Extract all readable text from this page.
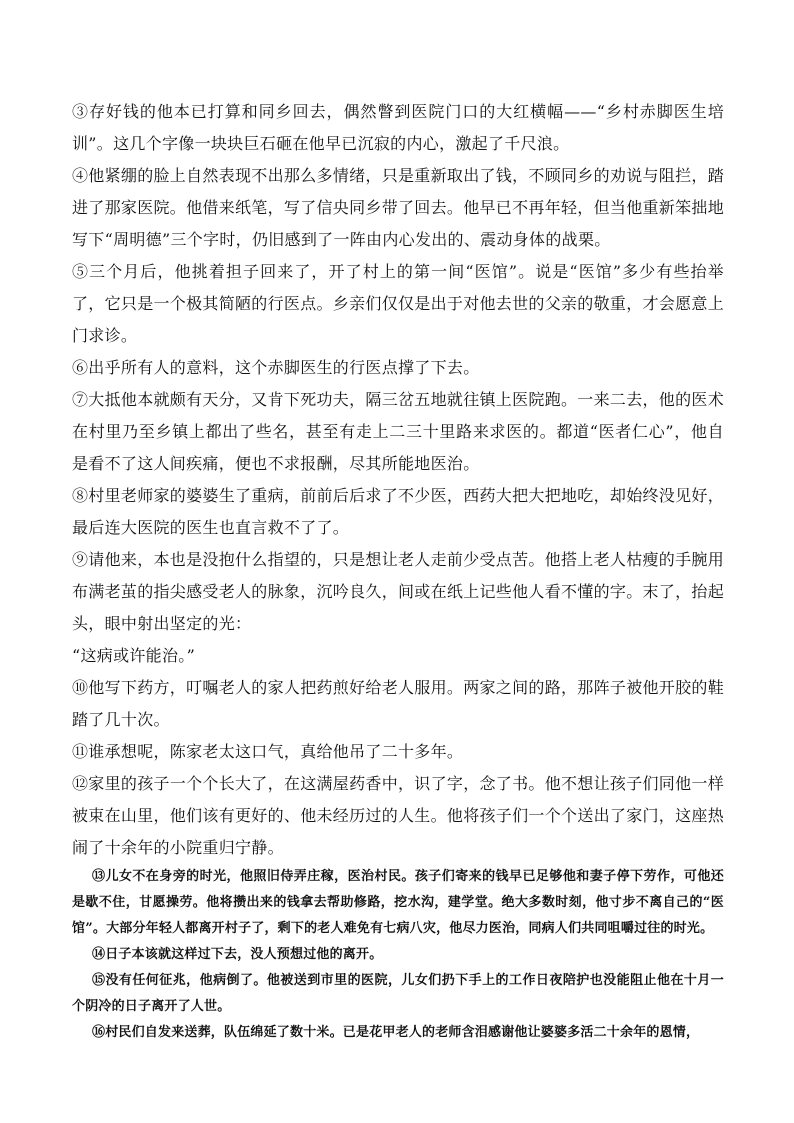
③存好钱的他本已打算和同乡回去，偶然瞥到医院门口的大红横幅——“乡村赤脚医生培训”。这几个字像一块块巨石砸在他早已沉寂的内心，激起了千尺浪。

④他紧绷的脸上自然表现不出那么多情绪，只是重新取出了钱，不顾同乡的劝说与阻拦，踏进了那家医院。他借来纸笔，写了信央同乡带了回去。他早已不再年轻，但当他重新笨拙地写下“周明德”三个字时，仍旧感到了一阵由内心发出的、震动身体的战栗。

⑤三个月后，他挑着担子回来了，开了村上的第一间“医馆”。说是“医馆”多少有些抬举了，它只是一个极其简陋的行医点。乡亲们仅仅是出于对他去世的父亲的敬重，才会愿意上门求诊。

⑥出乎所有人的意料，这个赤脚医生的行医点撑了下去。

⑦大抵他本就颇有天分，又肯下死功夫，隔三岔五地就往镇上医院跑。一来二去，他的医术在村里乃至乡镇上都出了些名，甚至有走上二三十里路来求医的。都道“医者仁心”，他自是看不了这人间疾痛，便也不求报酬，尽其所能地医治。

⑧村里老师家的婆婆生了重病，前前后后求了不少医，西药大把大把地吃，却始终没见好，最后连大医院的医生也直言救不了了。

⑨请他来，本也是没抱什么指望的，只是想让老人走前少受点苦。他搭上老人枯瘦的手腕用布满老茧的指尖感受老人的脉象，沉吟良久，间或在纸上记些他人看不懂的字。末了，抬起头，眼中射出坚定的光：

“这病或许能治。”

⑩他写下药方，叮嘱老人的家人把药煎好给老人服用。两家之间的路，那阵子被他开胶的鞋踏了几十次。

⑪谁承想呢，陈家老太这口气，真给他吊了二十多年。

⑫家里的孩子一个个长大了，在这满屋药香中，识了字，念了书。他不想让孩子们同他一样被束在山里，他们该有更好的、他未经历过的人生。他将孩子们一个个送出了家门，这座热闹了十余年的小院重归宁静。

⑬儿女不在身旁的时光，他照旧侍弄庄稼，医治村民。孩子们寄来的钱早已足够他和妻子停下劳作，可他还是歇不住，甘愿操劳。他将攒出来的钱拿去帮助修路，挖水沟，建学堂。绝大多数时刻，他寸步不离自己的“医馆”。大部分年轻人都离开村子了，剩下的老人难免有七病八灾，他尽力医治，同病人们共同咀嚼过往的时光。

⑭日子本该就这样过下去，没人预想过他的离开。

⑮没有任何征兆，他病倒了。他被送到市里的医院，儿女们扔下手上的工作日夜陪护也没能阻止他在十月一个阴冷的日子离开了人世。

⑯村民们自发来送葬，队伍绵延了数十米。已是花甲老人的老师含泪感谢他让婆婆多活二十余年的恩情，
